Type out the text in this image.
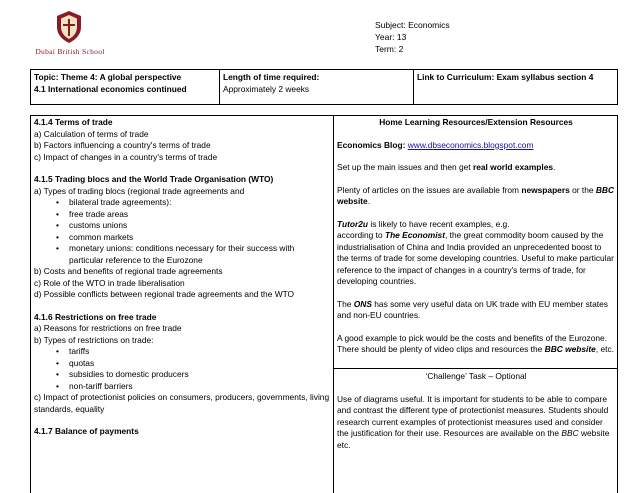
Dubai British School
Subject: Economics
Year: 13
Term: 2

Topic: Theme 4: A global perspective

4.1 International economics continued

Length of time required:

Approximately 2 weeks

Link to Curriculum: Exam syllabus section 4

4.1.4 Terms of trade

a) Calculation of terms of trade

b) Factors influencing a country's terms of trade

c) Impact of changes in a country's terms of trade

4.1.5 Trading blocs and the World Trade Organisation (WTO)

a) Types of trading blocs (regional trade agreements and

• bilateral trade agreements):
• free trade areas
• customs unions
• common markets
• monetary unions: conditions necessary for their success with particular reference to the Eurozone

b) Costs and benefits of regional trade agreements

c) Role of the WTO in trade liberalisation

d) Possible conflicts between regional trade agreements and the WTO

4.1.6 Restrictions on free trade

a) Reasons for restrictions on free trade

b) Types of restrictions on trade:

• tariffs
• quotas
• subsidies to domestic producers
• non-tariff barriers

c) Impact of protectionist policies on consumers, producers, governments, living standards, equality

4.1.7 Balance of payments

Home Learning Resources/Extension Resources

Economics Blog: www.dbseconomics.blogspot.com

Set up the main issues and then get real world examples.

Plenty of articles on the issues are available from newspapers or the BBC website.

Tutor2u is likely to have recent examples, e.g.
according to The Economist, the great commodity boom caused by the industrialisation of China and India provided an unprecedented boost to the terms of trade for some developing countries. Useful to make particular reference to the impact of changes in a country's terms of trade, for developing countries.

The ONS has some very useful data on UK trade with EU member states and non-EU countries.

A good example to pick would be the costs and benefits of the Eurozone. There should be plenty of video clips and resources the BBC website, etc.

‘Challenge’ Task – Optional

Use of diagrams useful. It is important for students to be able to compare and contrast the different type of protectionist measures. Students should research current examples of protectionist measures used and consider the justification for their use. Resources are available on the BBC website etc.
